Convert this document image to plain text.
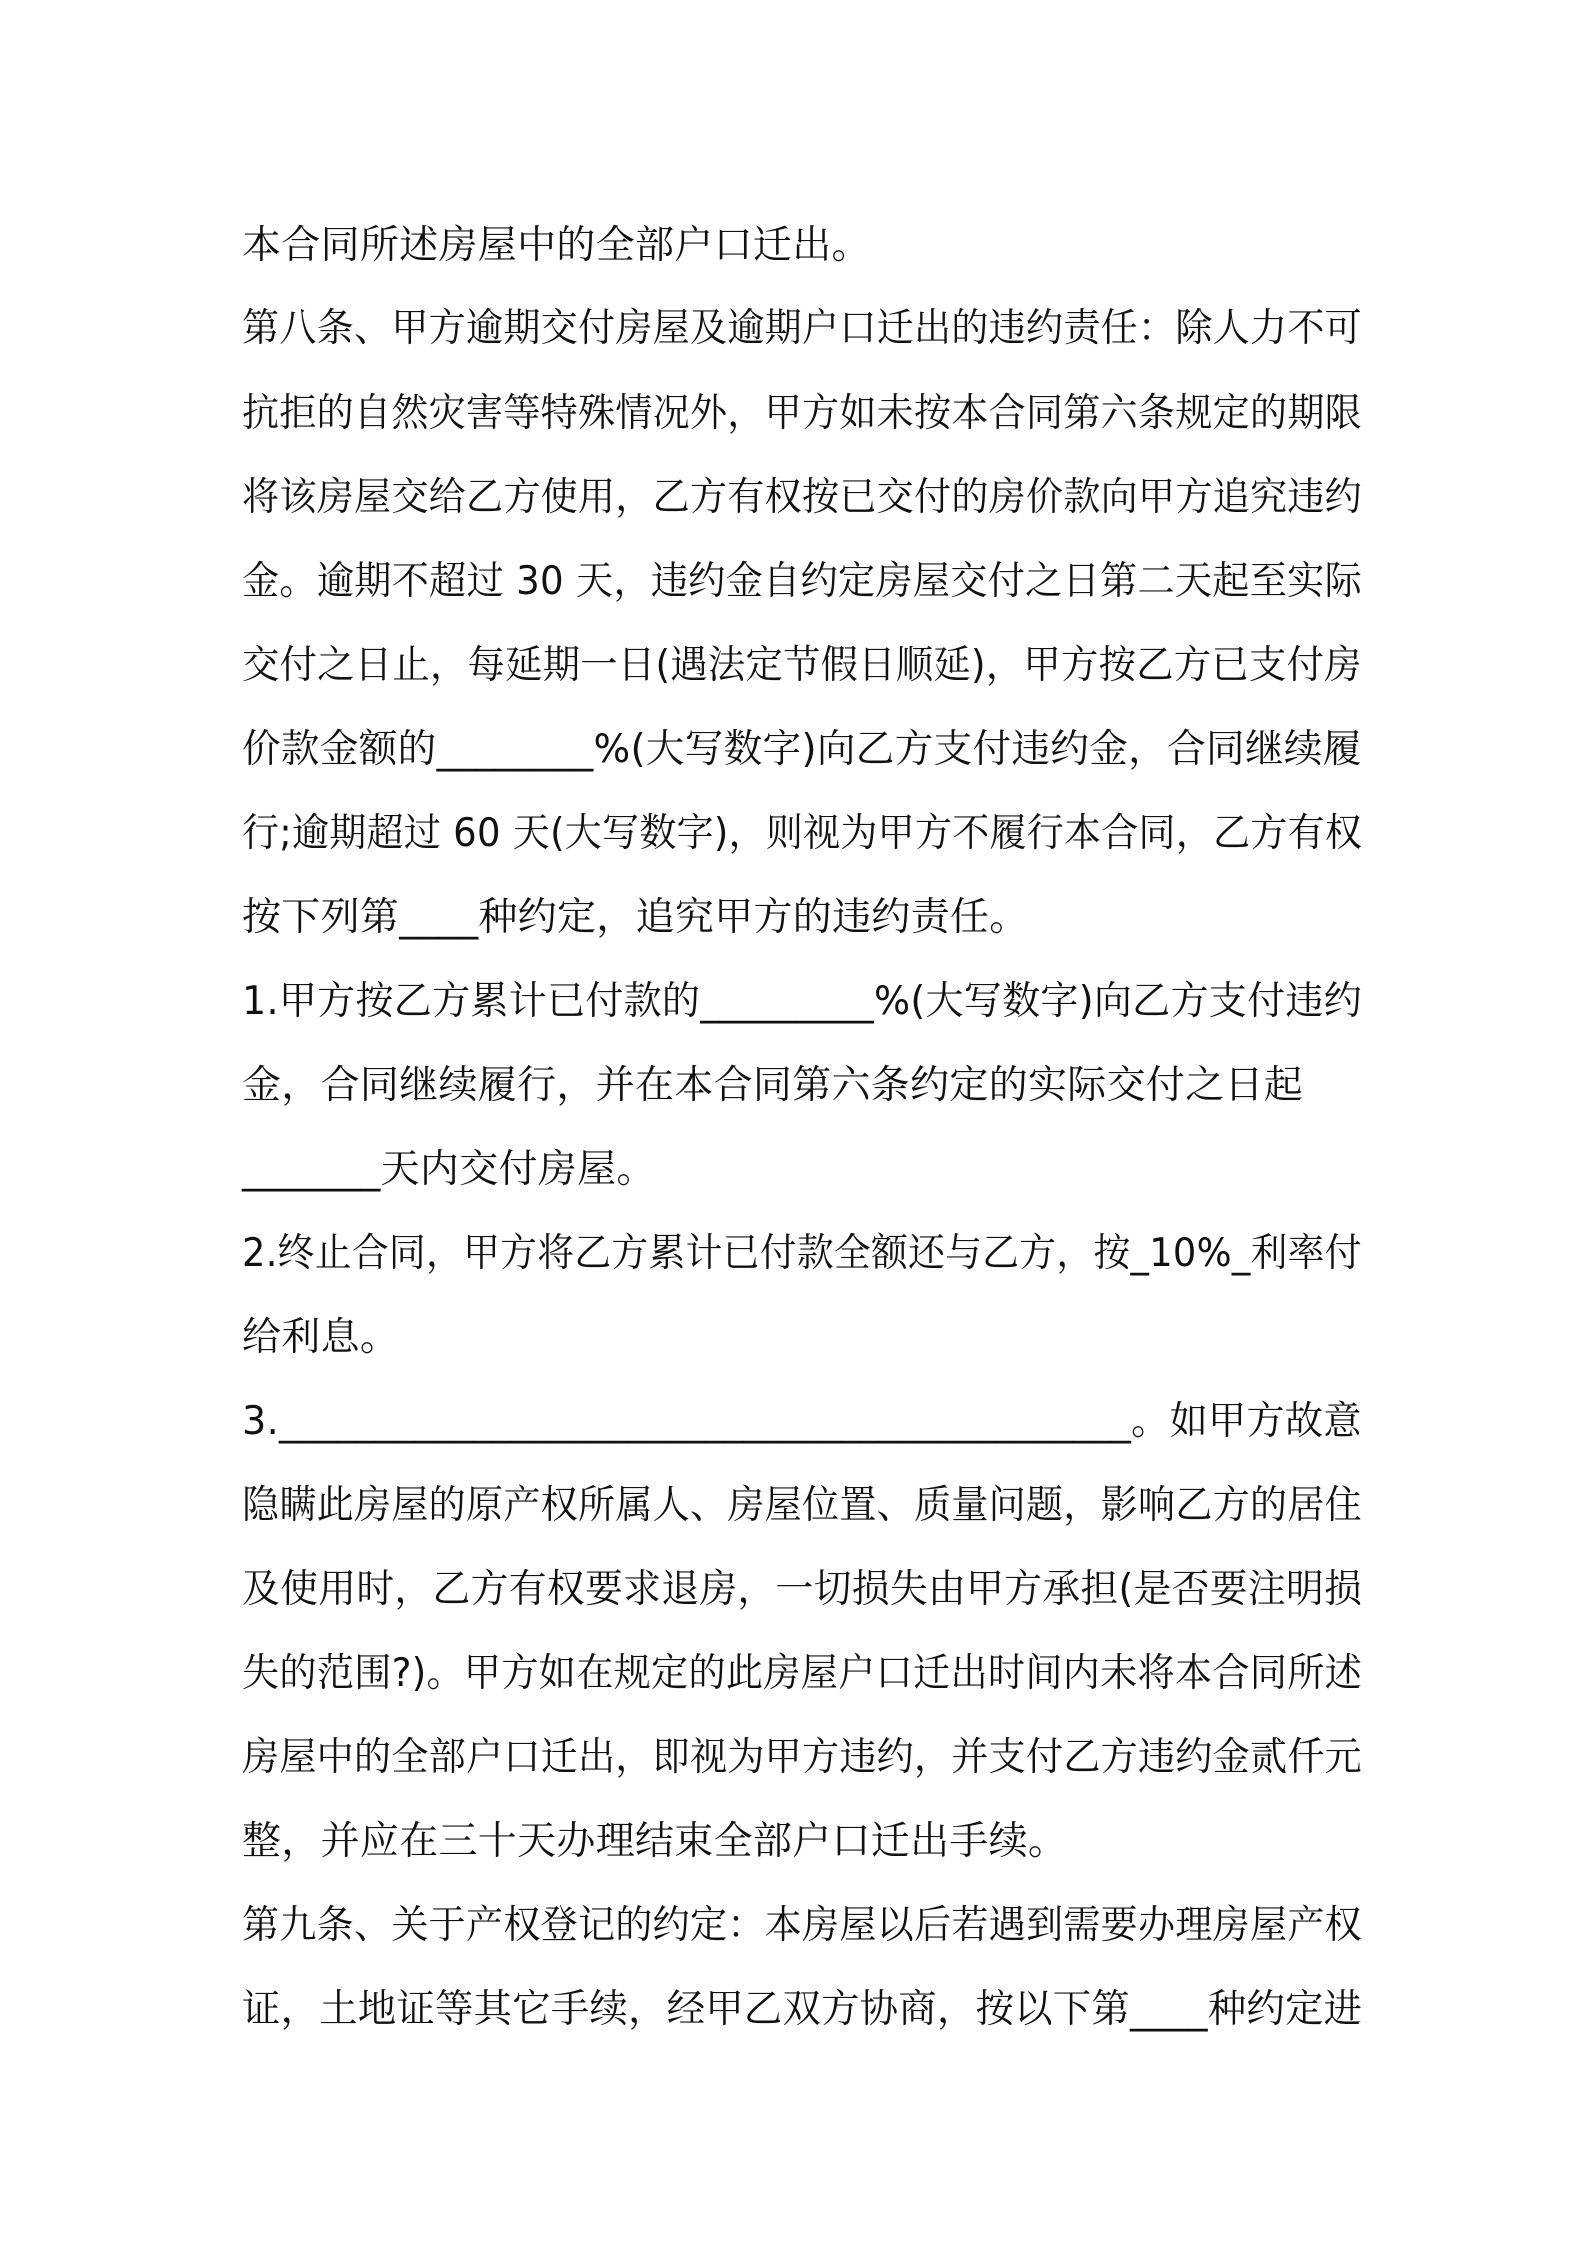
本合同所述房屋中的全部户口迁出。
第八条、甲方逾期交付房屋及逾期户口迁出的违约责任：除人力不可
抗拒的自然灾害等特殊情况外，甲方如未按本合同第六条规定的期限
将该房屋交给乙方使用，乙方有权按已交付的房价款向甲方追究违约
金。逾期不超过 30 天，违约金自约定房屋交付之日第二天起至实际
交付之日止，每延期一日(遇法定节假日顺延)，甲方按乙方已支付房
价款金额的________%(大写数字)向乙方支付违约金，合同继续履
行;逾期超过 60 天(大写数字)，则视为甲方不履行本合同，乙方有权
按下列第____种约定，追究甲方的违约责任。
1.甲方按乙方累计已付款的_________%(大写数字)向乙方支付违约
金，合同继续履行，并在本合同第六条约定的实际交付之日起
_______天内交付房屋。
2.终止合同，甲方将乙方累计已付款全额还与乙方，按_10%_利率付
给利息。
3.____________________________________________。如甲方故意
隐瞒此房屋的原产权所属人、房屋位置、质量问题，影响乙方的居住
及使用时，乙方有权要求退房，一切损失由甲方承担(是否要注明损
失的范围?)。甲方如在规定的此房屋户口迁出时间内未将本合同所述
房屋中的全部户口迁出，即视为甲方违约，并支付乙方违约金贰仟元
整，并应在三十天办理结束全部户口迁出手续。
第九条、关于产权登记的约定：本房屋以后若遇到需要办理房屋产权
证，土地证等其它手续，经甲乙双方协商，按以下第____种约定进
